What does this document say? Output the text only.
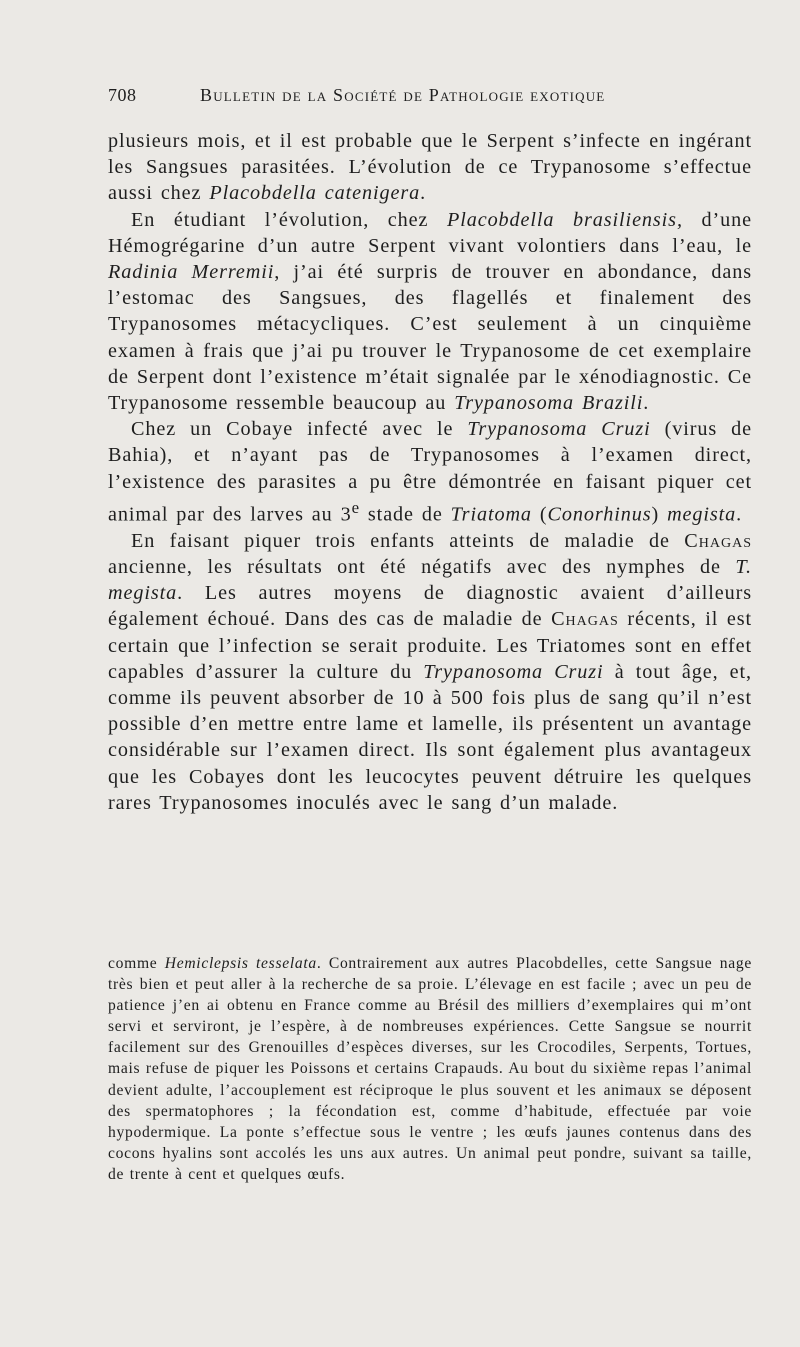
708	Bulletin de la Société de Pathologie exotique

plusieurs mois, et il est probable que le Serpent s’infecte en ingérant les Sangsues parasitées. L’évolution de ce Trypanosome s’effectue aussi chez Placobdella catenigera.

En étudiant l’évolution, chez Placobdella brasiliensis, d’une Hémogrégarine d’un autre Serpent vivant volontiers dans l’eau, le Radinia Merremii, j’ai été surpris de trouver en abondance, dans l’estomac des Sangsues, des flagellés et finalement des Trypanosomes métacycliques. C’est seulement à un cinquième examen à frais que j’ai pu trouver le Trypanosome de cet exemplaire de Serpent dont l’existence m’était signalée par le xénodiagnostic. Ce Trypanosome ressemble beaucoup au Trypanosoma Brazili.

Chez un Cobaye infecté avec le Trypanosoma Cruzi (virus de Bahia), et n’ayant pas de Trypanosomes à l’examen direct, l’existence des parasites a pu être démontrée en faisant piquer cet animal par des larves au 3e stade de Triatoma (Conorhinus) megista.

En faisant piquer trois enfants atteints de maladie de Chagas ancienne, les résultats ont été négatifs avec des nymphes de T. megista. Les autres moyens de diagnostic avaient d’ailleurs également échoué. Dans des cas de maladie de Chagas récents, il est certain que l’infection se serait produite. Les Triatomes sont en effet capables d’assurer la culture du Trypanosoma Cruzi à tout âge, et, comme ils peuvent absorber de 10 à 500 fois plus de sang qu’il n’est possible d’en mettre entre lame et lamelle, ils présentent un avantage considérable sur l’examen direct. Ils sont également plus avantageux que les Cobayes dont les leucocytes peuvent détruire les quelques rares Trypanosomes inoculés avec le sang d’un malade.

comme Hemiclepsis tesselata. Contrairement aux autres Placobdelles, cette Sangsue nage très bien et peut aller à la recherche de sa proie. L’élevage en est facile ; avec un peu de patience j’en ai obtenu en France comme au Brésil des milliers d’exemplaires qui m’ont servi et serviront, je l’espère, à de nombreuses expériences. Cette Sangsue se nourrit facilement sur des Grenouilles d’espèces diverses, sur les Crocodiles, Serpents, Tortues, mais refuse de piquer les Poissons et certains Crapauds. Au bout du sixième repas l’animal devient adulte, l’accouplement est réciproque le plus souvent et les animaux se déposent des spermatophores ; la fécondation est, comme d’habitude, effectuée par voie hypodermique. La ponte s’effectue sous le ventre ; les œufs jaunes contenus dans des cocons hyalins sont accolés les uns aux autres. Un animal peut pondre, suivant sa taille, de trente à cent et quelques œufs.
